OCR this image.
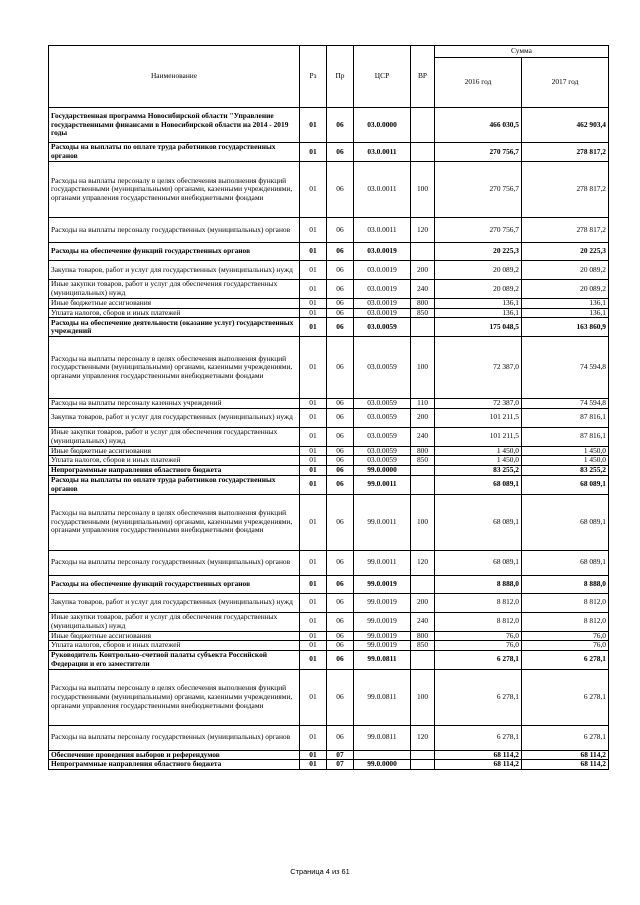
Наименование	Рз	Пр	ЦСР	ВР	Сумма	
					2016 год	2017 год
Государственная программа Новосибирской области "Управление государственными финансами в Новосибирской области на 2014 - 2019 годы	01	06	03.0.0000		466 030,5	462 903,4
Расходы на выплаты по оплате труда работников государственных органов	01	06	03.0.0011		270 756,7	278 817,2
Расходы на выплаты персоналу в целях обеспечения выполнения функций государственными (муниципальными) органами, казенными учреждениями, органами управления государственными внебюджетными фондами	01	06	03.0.0011	100	270 756,7	278 817,2
Расходы на выплаты персоналу государственных (муниципальных) органов	01	06	03.0.0011	120	270 756,7	278 817,2
Расходы на обеспечение функций государственных органов	01	06	03.0.0019		20 225,3	20 225,3
Закупка товаров, работ и услуг для государственных (муниципальных) нужд	01	06	03.0.0019	200	20 089,2	20 089,2
Иные закупки товаров, работ и услуг для обеспечения государственных (муниципальных) нужд	01	06	03.0.0019	240	20 089,2	20 089,2
Иные бюджетные ассигнования	01	06	03.0.0019	800	136,1	136,1
Уплата налогов, сборов и иных платежей	01	06	03.0.0019	850	136,1	136,1
Расходы на обеспечение деятельности (оказание услуг) государственных учреждений	01	06	03.0.0059		175 048,5	163 860,9
Расходы на выплаты персоналу в целях обеспечения выполнения функций государственными (муниципальными) органами, казенными учреждениями, органами управления государственными внебюджетными фондами	01	06	03.0.0059	100	72 387,0	74 594,8
Расходы на выплаты персоналу казенных учреждений	01	06	03.0.0059	110	72 387,0	74 594,8
Закупка товаров, работ и услуг для государственных (муниципальных) нужд	01	06	03.0.0059	200	101 211,5	87 816,1
Иные закупки товаров, работ и услуг для обеспечения государственных (муниципальных) нужд	01	06	03.0.0059	240	101 211,5	87 816,1
Иные бюджетные ассигнования	01	06	03.0.0059	800	1 450,0	1 450,0
Уплата налогов, сборов и иных платежей	01	06	03.0.0059	850	1 450,0	1 450,0
Непрограммные направления областного бюджета	01	06	99.0.0000		83 255,2	83 255,2
Расходы на выплаты по оплате труда работников государственных органов	01	06	99.0.0011		68 089,1	68 089,1
Расходы на выплаты персоналу в целях обеспечения выполнения функций государственными (муниципальными) органами, казенными учреждениями, органами управления государственными внебюджетными фондами	01	06	99.0.0011	100	68 089,1	68 089,1
Расходы на выплаты персоналу государственных (муниципальных) органов	01	06	99.0.0011	120	68 089,1	68 089,1
Расходы на обеспечение функций государственных органов	01	06	99.0.0019		8 888,0	8 888,0
Закупка товаров, работ и услуг для государственных (муниципальных) нужд	01	06	99.0.0019	200	8 812,0	8 812,0
Иные закупки товаров, работ и услуг для обеспечения государственных (муниципальных) нужд	01	06	99.0.0019	240	8 812,0	8 812,0
Иные бюджетные ассигнования	01	06	99.0.0019	800	76,0	76,0
Уплата налогов, сборов и иных платежей	01	06	99.0.0019	850	76,0	76,0
Руководитель Контрольно-счетной палаты субъекта Российской Федерации и его заместители	01	06	99.0.0811		6 278,1	6 278,1
Расходы на выплаты персоналу в целях обеспечения выполнения функций государственными (муниципальными) органами, казенными учреждениями, органами управления государственными внебюджетными фондами	01	06	99.0.0811	100	6 278,1	6 278,1
Расходы на выплаты персоналу государственных (муниципальных) органов	01	06	99.0.0811	120	6 278,1	6 278,1
Обеспечение проведения выборов и референдумов	01	07			68 114,2	68 114,2
Непрограммные направления областного бюджета	01	07	99.0.0000		68 114,2	68 114,2
Страница 4 из 61
